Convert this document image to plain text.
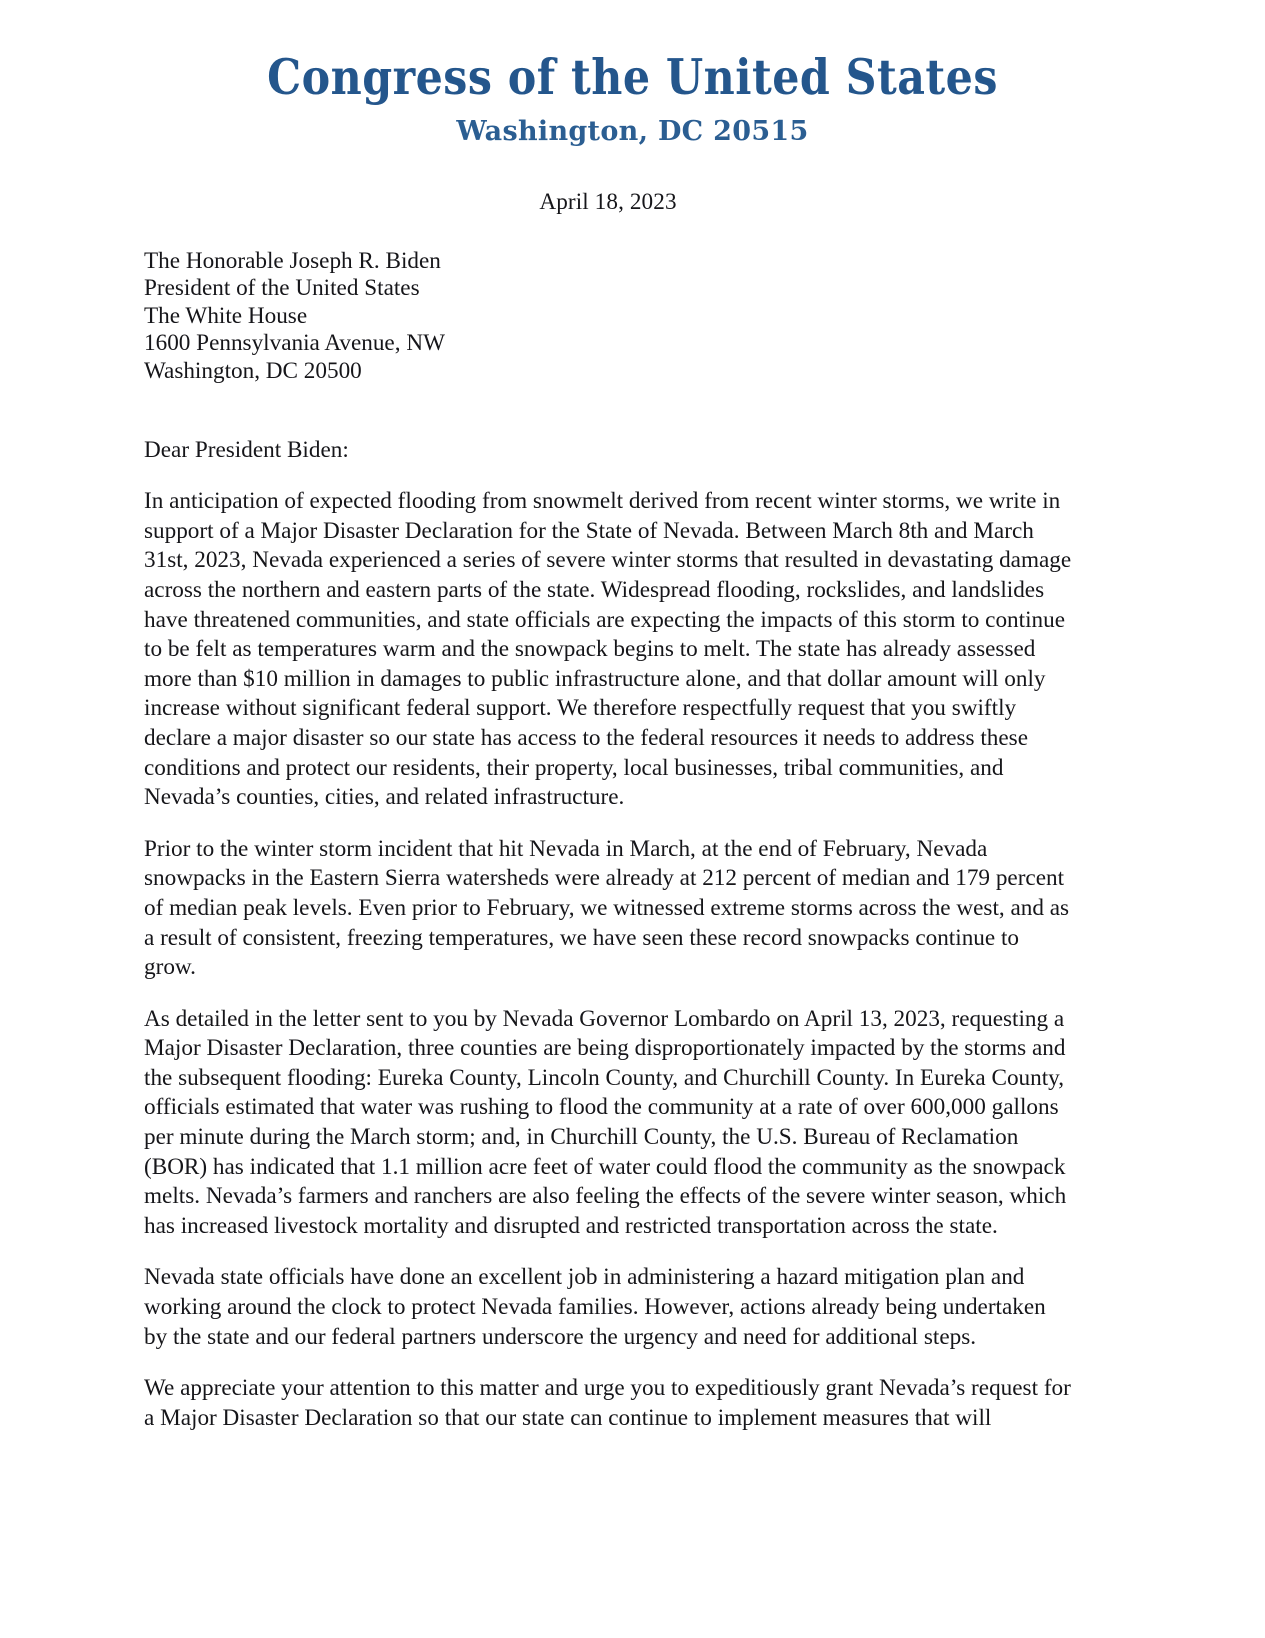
Congress of the United States
Washington, DC 20515
April 18, 2023
The Honorable Joseph R. Biden
President of the United States
The White House
1600 Pennsylvania Avenue, NW
Washington, DC 20500
Dear President Biden:
In anticipation of expected flooding from snowmelt derived from recent winter storms, we write in support of a Major Disaster Declaration for the State of Nevada. Between March 8th and March 31st, 2023, Nevada experienced a series of severe winter storms that resulted in devastating damage across the northern and eastern parts of the state. Widespread flooding, rockslides, and landslides have threatened communities, and state officials are expecting the impacts of this storm to continue to be felt as temperatures warm and the snowpack begins to melt. The state has already assessed more than $10 million in damages to public infrastructure alone, and that dollar amount will only increase without significant federal support. We therefore respectfully request that you swiftly declare a major disaster so our state has access to the federal resources it needs to address these conditions and protect our residents, their property, local businesses, tribal communities, and Nevada’s counties, cities, and related infrastructure.
Prior to the winter storm incident that hit Nevada in March, at the end of February, Nevada snowpacks in the Eastern Sierra watersheds were already at 212 percent of median and 179 percent of median peak levels. Even prior to February, we witnessed extreme storms across the west, and as a result of consistent, freezing temperatures, we have seen these record snowpacks continue to grow.
As detailed in the letter sent to you by Nevada Governor Lombardo on April 13, 2023, requesting a Major Disaster Declaration, three counties are being disproportionately impacted by the storms and the subsequent flooding: Eureka County, Lincoln County, and Churchill County. In Eureka County, officials estimated that water was rushing to flood the community at a rate of over 600,000 gallons per minute during the March storm; and, in Churchill County, the U.S. Bureau of Reclamation (BOR) has indicated that 1.1 million acre feet of water could flood the community as the snowpack melts. Nevada’s farmers and ranchers are also feeling the effects of the severe winter season, which has increased livestock mortality and disrupted and restricted transportation across the state.
Nevada state officials have done an excellent job in administering a hazard mitigation plan and working around the clock to protect Nevada families. However, actions already being undertaken by the state and our federal partners underscore the urgency and need for additional steps.
We appreciate your attention to this matter and urge you to expeditiously grant Nevada’s request for a Major Disaster Declaration so that our state can continue to implement measures that will
